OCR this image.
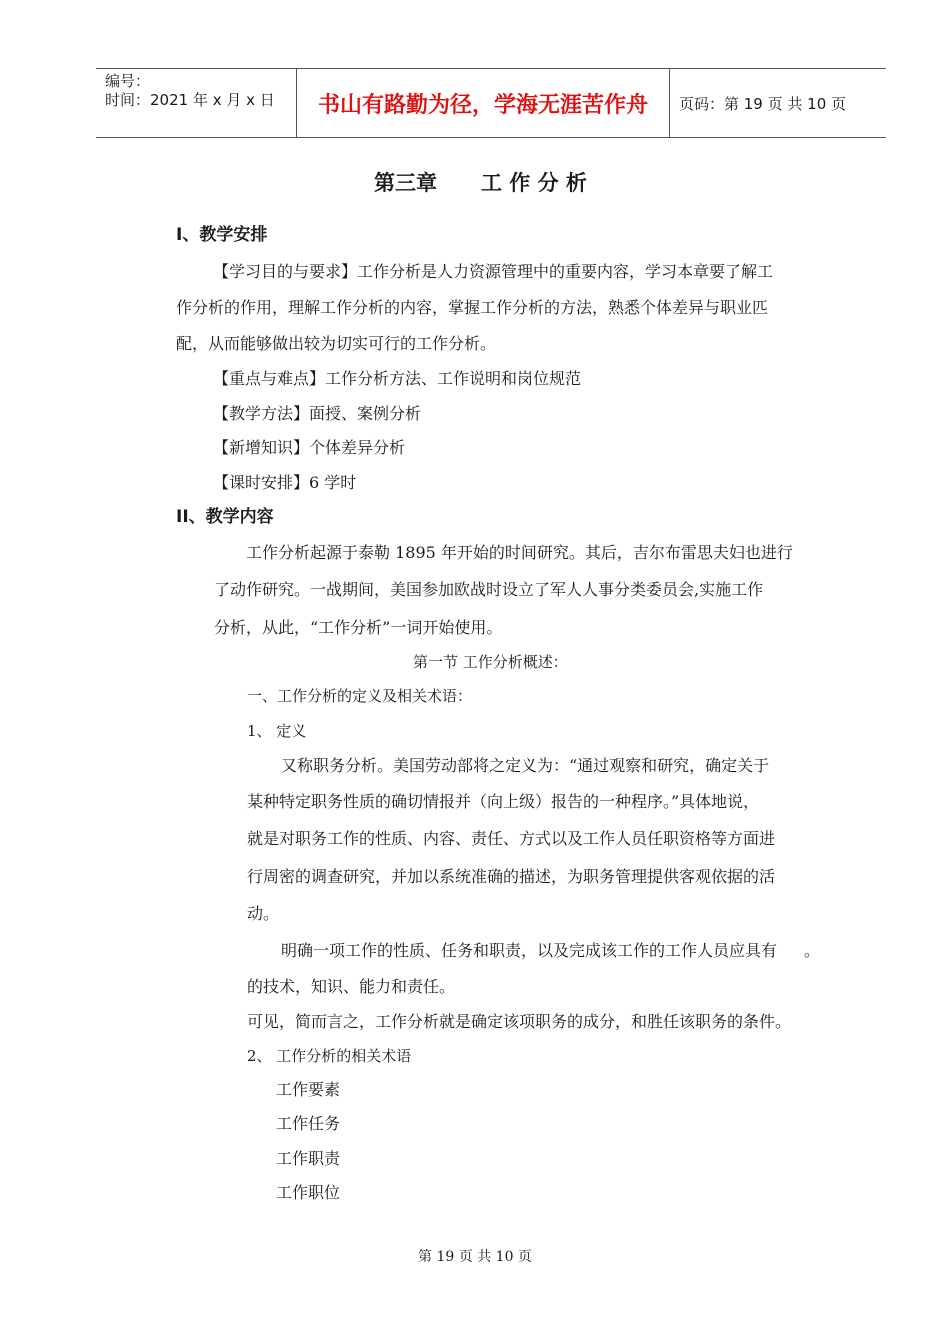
编号：
时间：2021 年 x 月 x 日	书山有路勤为径，学海无涯苦作舟	页码：第 19 页 共 10 页
第三章 工 作 分 析
I、教学安排
【学习目的与要求】工作分析是人力资源管理中的重要内容，学习本章要了解工
作分析的作用，理解工作分析的内容，掌握工作分析的方法，熟悉个体差异与职业匹
配，从而能够做出较为切实可行的工作分析。
【重点与难点】工作分析方法、工作说明和岗位规范
【教学方法】面授、案例分析
【新增知识】个体差异分析
【课时安排】6 学时
II、教学内容
工作分析起源于泰勒 1895 年开始的时间研究。其后，吉尔布雷思夫妇也进行
了动作研究。一战期间，美国参加欧战时设立了军人人事分类委员会,实施工作
分析，从此，“工作分析”一词开始使用。
第一节 工作分析概述：
一、工作分析的定义及相关术语：
1、 定义
又称职务分析。美国劳动部将之定义为：“通过观察和研究，确定关于
某种特定职务性质的确切情报并（向上级）报告的一种程序。”具体地说，
就是对职务工作的性质、内容、责任、方式以及工作人员任职资格等方面进
行周密的调查研究，并加以系统准确的描述，为职务管理提供客观依据的活
动。
明确一项工作的性质、任务和职责，以及完成该工作的工作人员应具有 。
的技术，知识、能力和责任。
可见，简而言之，工作分析就是确定该项职务的成分，和胜任该职务的条件。
2、 工作分析的相关术语
工作要素
工作任务
工作职责
工作职位
第 19 页 共 10 页
